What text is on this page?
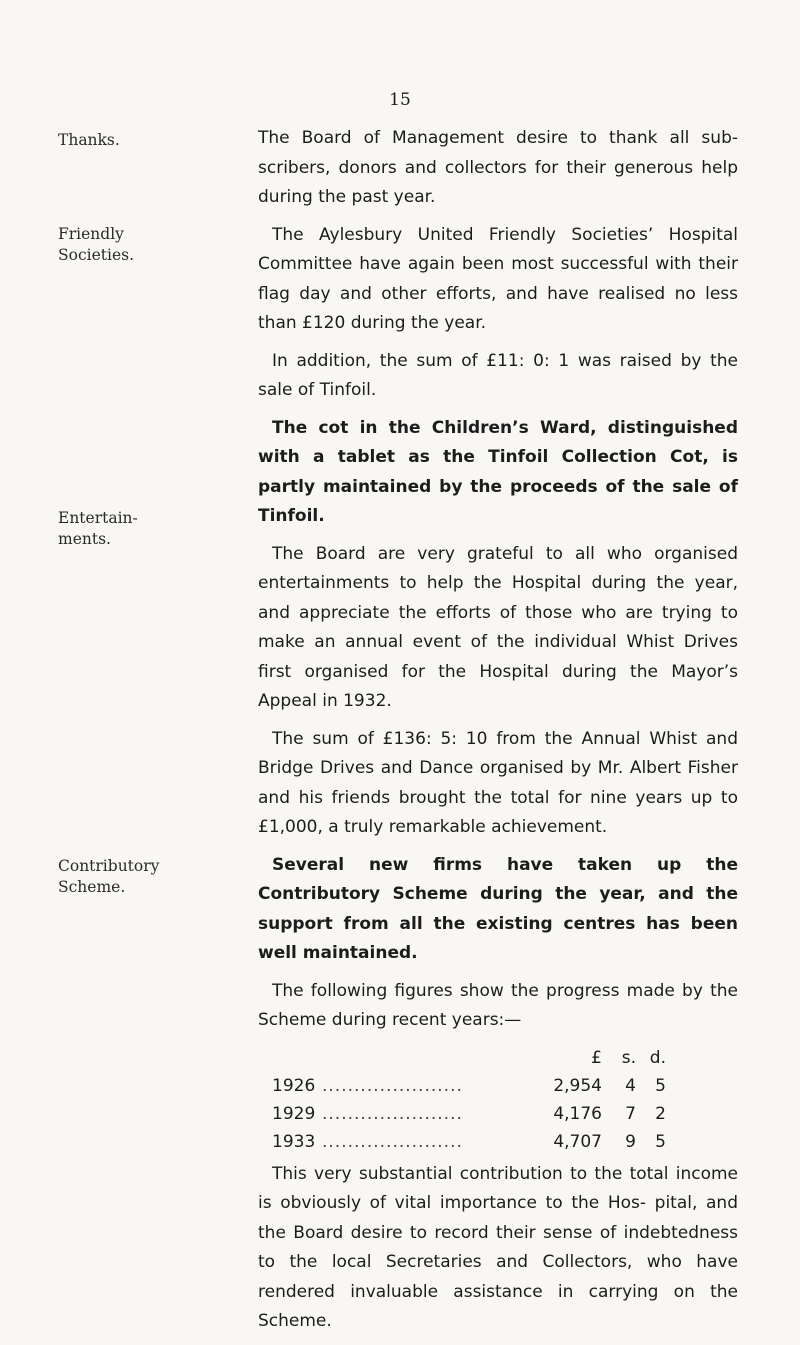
15
Thanks.
Friendly
Societies.
Entertain-
ments.
Contributory
Scheme.

The Board of Management desire to thank all sub- scribers, donors and collectors for their generous help during the past year.

The Aylesbury United Friendly Societies’ Hospital Committee have again been most successful with their flag day and other efforts, and have realised no less than £120 during the year.

In addition, the sum of £11: 0: 1 was raised by the sale of Tinfoil.

The cot in the Children’s Ward, distinguished with a tablet as the Tinfoil Collection Cot, is partly maintained by the proceeds of the sale of Tinfoil.

The Board are very grateful to all who organised entertainments to help the Hospital during the year, and appreciate the efforts of those who are trying to make an annual event of the individual Whist Drives first organised for the Hospital during the Mayor’s Appeal in 1932.

The sum of £136: 5: 10 from the Annual Whist and Bridge Drives and Dance organised by Mr. Albert Fisher and his friends brought the total for nine years up to £1,000, a truly remarkable achievement.

Several new firms have taken up the Contributory Scheme during the year, and the support from all the existing centres has been well maintained.

The following figures show the progress made by the Scheme during recent years:—

		£	s.	d.
1926	......................	2,954	4	5
1929	......................	4,176	7	2
1933	......................	4,707	9	5

This very substantial contribution to the total income is obviously of vital importance to the Hos- pital, and the Board desire to record their sense of indebtedness to the local Secretaries and Collectors, who have rendered invaluable assistance in carrying on the Scheme.
